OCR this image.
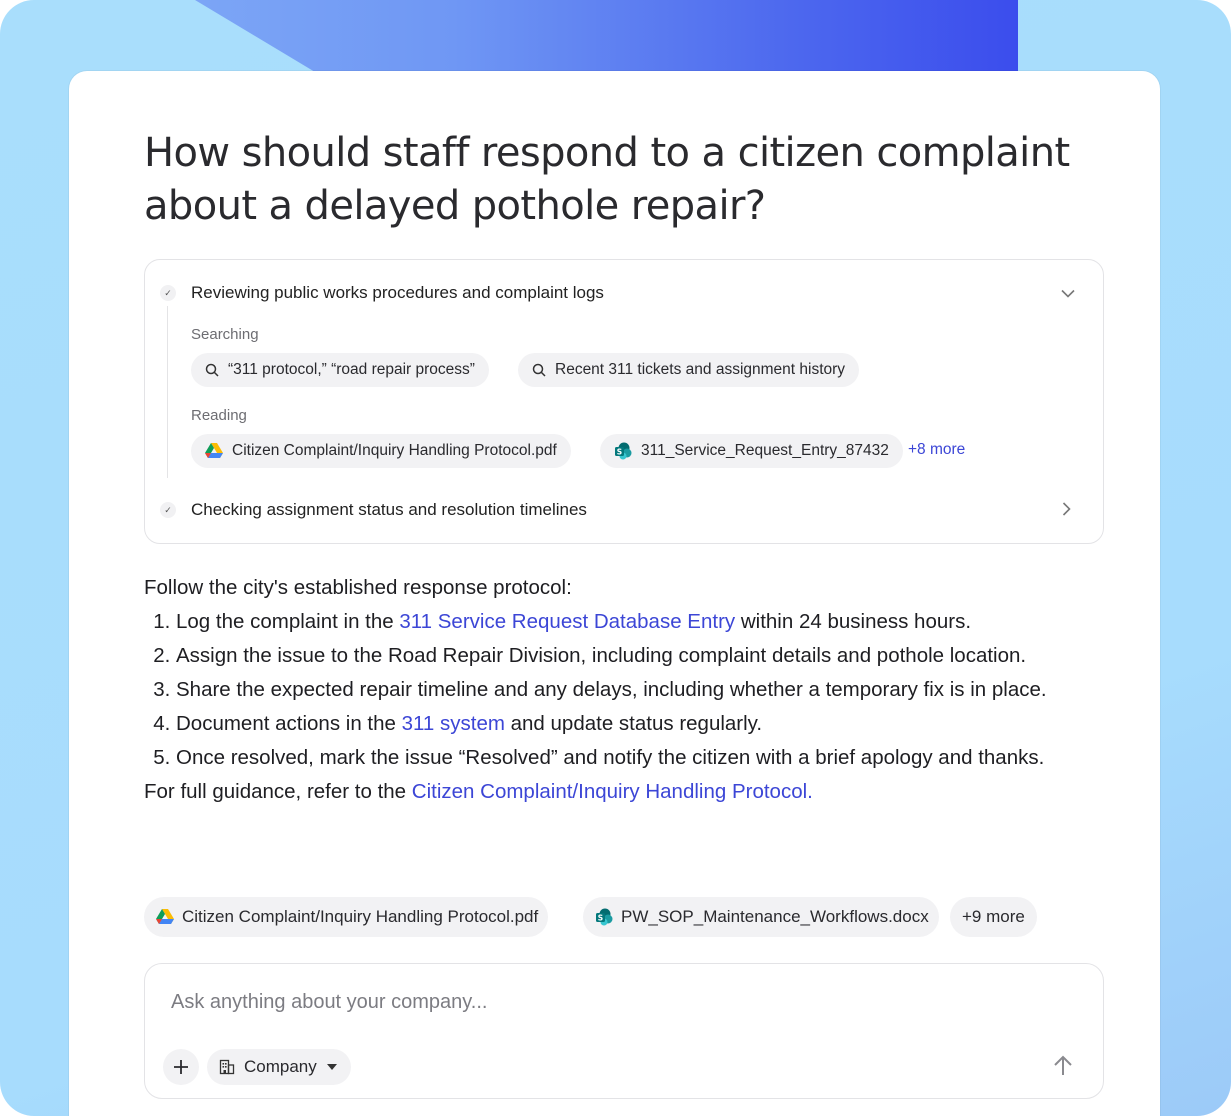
How should staff respond to a citizen complaint about a delayed pothole repair?
✓ Reviewing public works procedures and complaint logs
Searching
“311 protocol,” “road repair process”	Recent 311 tickets and assignment history
Reading
Citizen Complaint/Inquiry Handling Protocol.pdf	S 311_Service_Request_Entry_87432 +8 more
✓ Checking assignment status and resolution timelines

Follow the city's established response protocol:

1. Log the complaint in the 311 Service Request Database Entry within 24 business hours.
2. Assign the issue to the Road Repair Division, including complaint details and pothole location.
3. Share the expected repair timeline and any delays, including whether a temporary fix is in place.
4. Document actions in the 311 system and update status regularly.
5. Once resolved, mark the issue “Resolved” and notify the citizen with a brief apology and thanks.

For full guidance, refer to the Citizen Complaint/Inquiry Handling Protocol.

Citizen Complaint/Inquiry Handling Protocol.pdf	S PW_SOP_Maintenance_Workflows.docx	+9 more
Ask anything about your company...
Company
